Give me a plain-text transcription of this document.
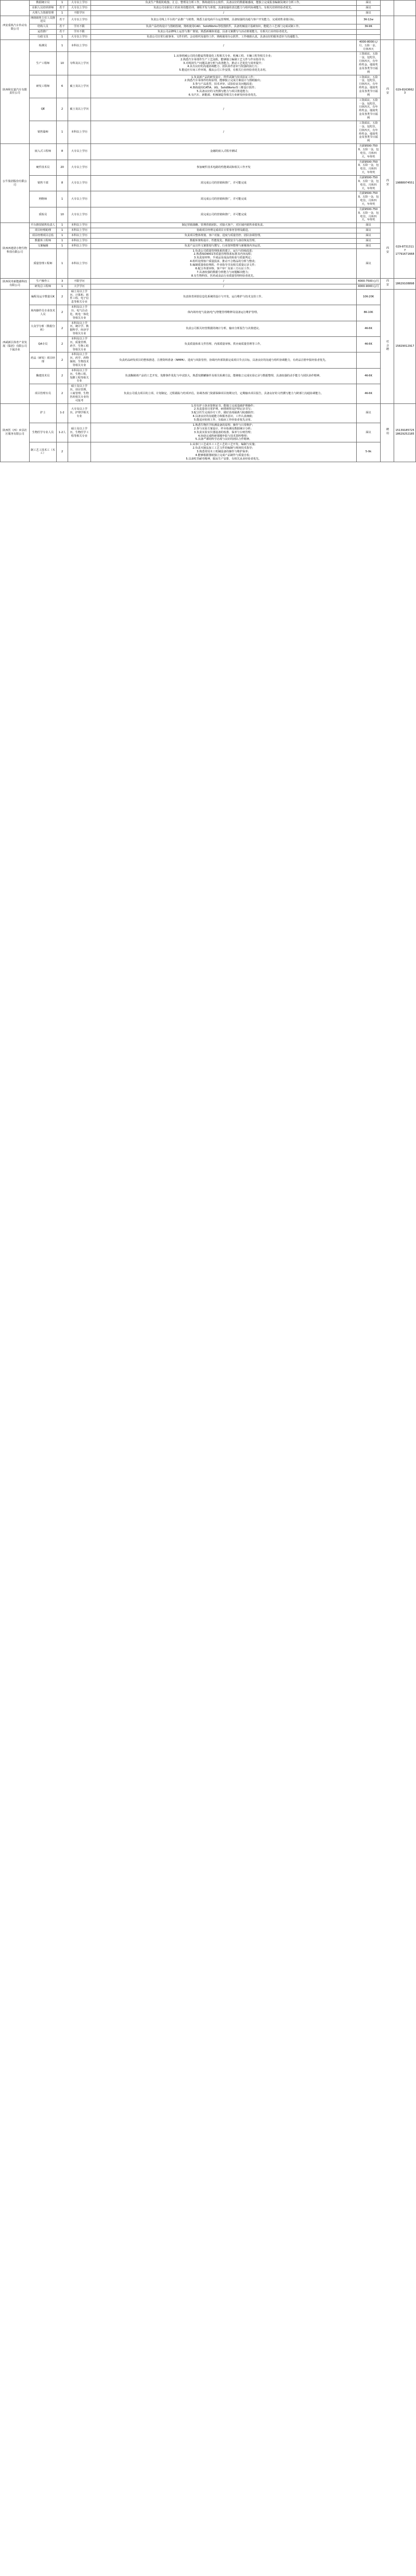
	数据统计员	1	大专以上学历	负责生产数据的收集、汇总、整理及分析工作，熟练使用办公软件，具备良好的数据敏感度，能独立完成报表编制及统计分析工作。	面议		
	在职人员培训讲师	若干	大专以上学历	负责公司在职员工的业务技能培训、课程开发与讲授，具备较强的表达能力与组织协调能力，有相关培训经验者优先。	面议		
	大理人力资源管理	1	不限学历	/	面议		
西安重机汽车传动有限公司	网络销售主任人员推送员	若干	大专以上学历	负责公司线上平台的产品推广与销售，熟悉主流电商平台运营规则，具备较强的沟通与客户开发能力，完成销售业绩目标。	3K-12w		
	结构人员	若干	学历不限	负责产品结构设计与图纸绘制，熟练使用CAD、SolidWorks等绘图软件，具备机械设计基础知识，能配合工艺部门完成试制工作。	3K-9K		
	运营推广	若干	学历不限	负责公司品牌线上运营与推广策划，熟悉新媒体渠道，具备文案撰写与活动策划能力，有相关行业经验者优先。			
	行政文员	1	大专以上学历	负责公司日常行政事务、文件归档、会议组织及接待工作，熟练使用办公软件，工作细致认真，具备良好的服务意识与沟通能力。			
陕西和宏嘉汽车有限责任公司	检测员	1	本科以上学历	/	4000-8000元/月，五险一金，月休四天	西安	029-81636623
	生产工程师	10	专科及以上学历	1.从事机械公司的功能属性能量化工程相关专业、机械工程、车辆工程等相关专业；
2.熟悉汽车零部件生产工艺流程，能够独立编制工艺文件与作业指导书；
3.对现场生产问题具备分析与改善能力，推动工艺优化与效率提升；
4.具有良好的沟通协调能力、团队协作意识与较强的执行力；
5.能适应车间工作环境，服从公司工作安排，有相关行业经验者优先录用。	工资面议，五险一金，包吃住，月休四天，有年终奖金、绩效奖金及各类节日福利		
研发工程师	6	硕士及以上学历	1.负责新产品的研发设计、样件试制与技术验证工作；
2.熟悉汽车零部件结构原理，能够独立完成方案设计与图纸输出；
3.参与产品选型、技术评审、试验验证及问题改进；
4.熟练使用CATIA、UG、SolidWorks等三维设计软件；
5.具备良好的文档撰写能力与项目推进能力；
6.有汽车、新能源、机械制造等相关行业研发经验者优先。	工资面议，五险一金，包吃住，月休四天，有年终奖金、绩效奖金及各类节日福利
	QE	2	硕士及以上学历	/	工资面议，五险一金，包吃住，月休四天，有年终奖金、绩效奖金及各类节日福利		
	销售篇师	1	本科以上学历	/	工资面议，五险一金，包吃住，月休四天，有年终奖金、绩效奖金及各类节日福利		
公牛集团股份有限公司	嵌入式工程师	8	大专以上学历	金融的嵌入式程序测试	月薪9500-7500，五险一金，包吃住，月休四天，年终奖	西安	19888974551
	硬件技术员	20	大专以上学历	参加硬件技术电路的性能调试和相关工作开发	月薪9500-7500，五险一金，包吃住，月休四天，年终奖		
	销售干部	8	大专以上学历	需完成公司的营销和推广，并可能完成	月薪9500-7500，五险一金，包吃住，月休四天，年终奖		
	网格师	1	大专以上学历	需完成公司的营销和推广，并可能完成	月薪9500-7500，五险一金，包吃住，月休四天，年终奖		
	质检员	10	大专以上学历	需完成公司的营销和推广，并可能完成	月薪9500-7500，五险一金，包吃住，月休四天，年终奖		
陕西西建诺小物生物科技有限公司	平台推技销售负责人	1	本科以上学历	制定营销战略、管理营销团队、对接大客户，对区域内销售业绩负责。	面议	西安	029-87313117
17791671668
	项目经理助理	1	本科以上学历	协助项目经理完成项目日常事务管理及跟进。	面议		
	项目经理项目总监	1	本科以上学历	负责项目整体规划、客户对接、进度与质量管控、团队协调管理。	面议		
	数据库工程师	1	本科以上学历	数据库架构设计、性能优化、数据安全与备份恢复管理。	面议		
	文案编辑	1	本科以上学历	负责产品宣传文案策划与撰写、行业资料整理与新媒体内容运营。	面议		
质量管理工程师	1	本科以上学历	1.负责公司质量管理体系的建立、运行与持续改进；
2.熟悉ISO9001等质量管理体系标准及内审流程；
3.负责原材料、半成品及成品的检验与质量判定；
4.组织处理客户质量投诉，推动不合格品的分析与整改；
5.编制质量检验规程、作业指导书及相关质量记录文件；
6.配合外部审核、客户审厂及第三方认证工作；
7.具备较强的数据分析能力与问题解决能力；
8.有生物科技、医药或食品行业质量管理经验者优先。	面议
陕西同舟新能源科技有限公司	生产操作工	3	不限学历	/	4000-7500元/月	西安	18629108898
	研发总工程师	1	大学学历	/	4000-9000元/月		
西咸新区体育产业发展（集团）有限公司下属企业	编程及运字数量员K	2	硕士及以上学历、计算机、软件工程、电子信息等相关专业	负责体育场馆信息化系统的设计与开发、运行维护与技术支持工作。	10K-20K	社会聘	15829012917
	场内操作员专业技术人员	2	本科及以上学历、电气自动化、机电一体化等相关专业	体内场内电气设备/电气/智能管理维修及设备运行维护管理。	8K-10K		
	大众学分析（数据分析）	2	本科及以上学历，统计学、数据科学、经济学等相关专业	负责公司相关经营数据的统计分析，输出分析报告与决策建议。	4K-6K		
	QA专员	2	本科及以上学历，质量管理、药学、生物工程等相关专业	负责质量体系文件管理、内部质量审核、供应商质量管理等工作。	4K-6K		
	药品（研发）项目经理	2	本科及以上学历，药学、药物制剂、生物技术等相关专业	负责药品研发项目的整体推进、注册资料准备（NMPA）、进度与风险管控，协调内外部资源完成项目节点目标，具备良好的沟通与组织协调能力，有药品注册申报经验者优先。			
	酶建技术员	2	本科及以上学历、生物工程、发酵工程等相关专业	负责酶制剂产品的工艺开发、发酵条件优化与中试放大，熟悉发酵罐操作及相关检测方法，能够独立完成实验记录与数据整理，具备较强的动手能力与团队协作精神。	4K-6K		
	项目管理专员	2	硕士及以上学历，项目管理、工商管理、生物医药相关专业均可报考	负责公司重点项目的立项、计划制定、过程跟踪与结项评估，协调各部门资源保障项目按期交付，定期输出项目报告，具备良好的文档撰写能力与跨部门沟通协调能力。	4K-6K		
陕西医（西）乡县社区服务有限公司	护士	1-2	大专及以上学历，护理学相关专业	1.持有护士执业资格证书，能独立完成基础护理操作；
2.负责患者日常护理、病情观察及护理记录书写；
3.配合医生完成诊疗工作，做好消毒隔离与院感防控；
4.具备良好的沟通能力和服务意识，工作认真细致；
5.能适应轮班工作，有临床工作经验者优先录用。	面议	聘用	15139185725
18629252185
	生物医学专业人员	1-2人	硕士及以上学历，生物医学工程等相关专业	1.熟悉生物医学检测设备的原理、操作与日常维护；
2.参与实验方案设计、样本检测及数据统计分析；
3.负责实验室仪器设备的校准、保养与台账管理；
4.协助完成科研课题申报与技术资料整理；
5.具备严谨的科学态度与良好的团队合作精神。	面议		
	制工艺工技术工（木工）	2		1.从事门工艺或木工工艺工艺的工艺开发、编制与实施；
2.负责木制品加工工艺文件的编制与现场技术指导；
3.熟悉常用木工机械设备的操作与维护保养；
4.能够根据图纸独立完成产品制作与质量自检；
5.具备吃苦耐劳精神，服从生产安排，有相关从业经验者优先。	5-9k		
